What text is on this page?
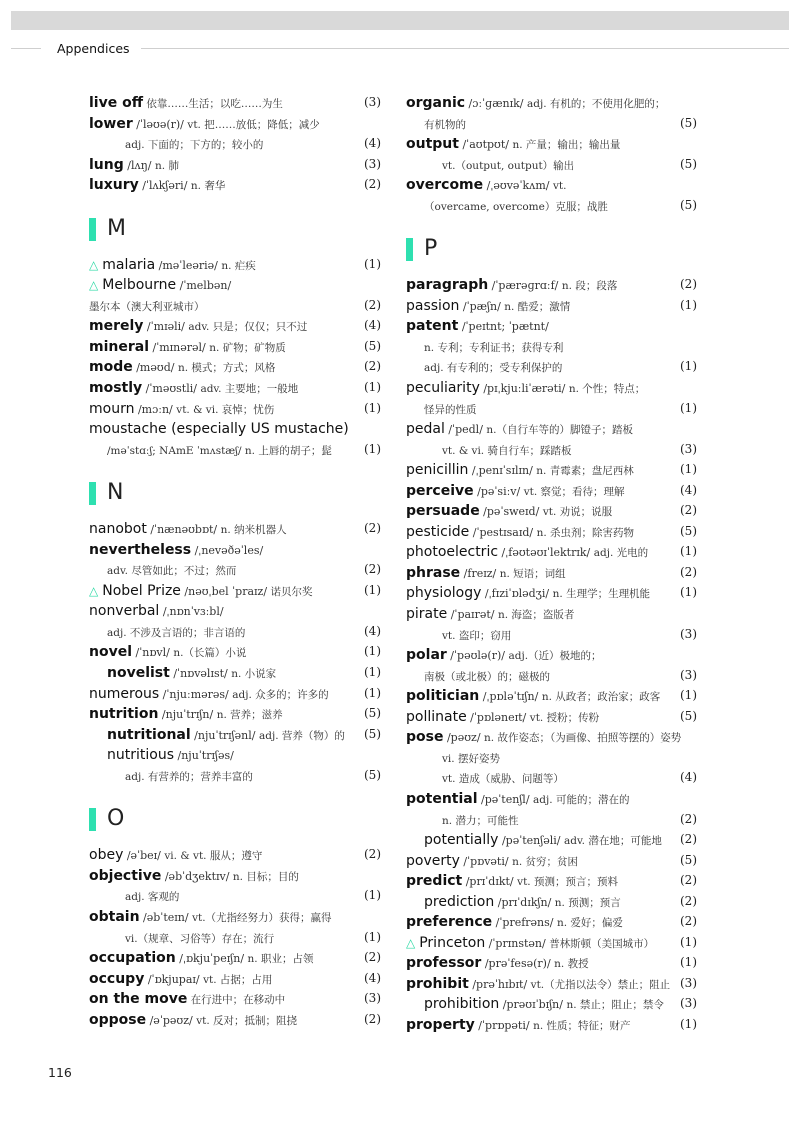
Appendices
live off 依靠……生活；以吃……为生	(3)
lower /ˈləʊə(r)/ vt. 把……放低；降低；减少
adj. 下面的；下方的；较小的	(4)
lung /lʌŋ/ n. 肺	(3)
luxury /ˈlʌkʃəri/ n. 奢华	(2)
M
△ malaria /məˈleəriə/ n. 疟疾	(1)
△ Melbourne /ˈmelbən/
墨尔本（澳大利亚城市）	(2)
merely /ˈmɪəli/ adv. 只是；仅仅；只不过	(4)
mineral /ˈmɪnərəl/ n. 矿物；矿物质	(5)
mode /məʊd/ n. 模式；方式；风格	(2)
mostly /ˈməʊstli/ adv. 主要地；一般地	(1)
mourn /mɔːn/ vt. & vi. 哀悼；忧伤	(1)
moustache (especially US mustache)
/məˈstɑːʃ; NAmE ˈmʌstæʃ/ n. 上唇的胡子；髭	(1)
N
nanobot /ˈnænəʊbɒt/ n. 纳米机器人	(2)
nevertheless /ˌnevəðəˈles/
adv. 尽管如此；不过；然而	(2)
△ Nobel Prize /nəʊˌbel ˈpraɪz/ 诺贝尔奖	(1)
nonverbal /ˌnɒnˈvɜːbl/
adj. 不涉及言语的；非言语的	(4)
novel /ˈnɒvl/ n.（长篇）小说	(1)
novelist /ˈnɒvəlɪst/ n. 小说家	(1)
numerous /ˈnjuːmərəs/ adj. 众多的；许多的	(1)
nutrition /njuˈtrɪʃn/ n. 营养；滋养	(5)
nutritional /njuˈtrɪʃənl/ adj. 营养（物）的 (5)
nutritious /njuˈtrɪʃəs/
adj. 有营养的；营养丰富的	(5)
O
obey /əˈbeɪ/ vi. & vt. 服从；遵守	(2)
objective /əbˈdʒektɪv/ n. 目标；目的
adj. 客观的	(1)
obtain /əbˈteɪn/ vt.（尤指经努力）获得；赢得
vi.（规章、习俗等）存在；流行	(1)
occupation /ˌɒkjuˈpeɪʃn/ n. 职业；占领	(2)
occupy /ˈɒkjupaɪ/ vt. 占据；占用	(4)
on the move 在行进中；在移动中	(3)
oppose /əˈpəʊz/ vt. 反对；抵制；阻挠	(2)
organic /ɔːˈɡænɪk/ adj. 有机的；不使用化肥的；
有机物的	(5)
output /ˈaʊtpʊt/ n. 产量；输出；输出量
vt.（output, output）输出	(5)
overcome /ˌəʊvəˈkʌm/ vt.
（overcame, overcome）克服；战胜	(5)
P
paragraph /ˈpærəɡrɑːf/ n. 段；段落	(2)
passion /ˈpæʃn/ n. 酷爱；激情	(1)
patent /ˈpeɪtnt; ˈpætnt/
n. 专利；专利证书；获得专利
adj. 有专利的；受专利保护的	(1)
peculiarity /pɪˌkjuːliˈærəti/ n. 个性；特点；
怪异的性质	(1)
pedal /ˈpedl/ n.（自行车等的）脚镫子；踏板
vt. & vi. 骑自行车；踩踏板	(3)
penicillin /ˌpenɪˈsɪlɪn/ n. 青霉素；盘尼西林	(1)
perceive /pəˈsiːv/ vt. 察觉；看待；理解	(4)
persuade /pəˈsweɪd/ vt. 劝说；说服	(2)
pesticide /ˈpestɪsaɪd/ n. 杀虫剂；除害药物	(5)
photoelectric /ˌfəʊtəʊɪˈlektrɪk/ adj. 光电的	(1)
phrase /freɪz/ n. 短语；词组	(2)
physiology /ˌfɪziˈɒlədʒi/ n. 生理学；生理机能 (1)
pirate /ˈpaɪrət/ n. 海盗；盗版者
vt. 盗印；窃用	(3)
polar /ˈpəʊlə(r)/ adj.（近）极地的；
南极（或北极）的；磁极的	(3)
politician /ˌpɒləˈtɪʃn/ n. 从政者；政治家；政客 (1)
pollinate /ˈpɒləneɪt/ vt. 授粉；传粉	(5)
pose /pəʊz/ n. 故作姿态；（为画像、拍照等摆的）姿势
vi. 摆好姿势
vt. 造成（威胁、问题等）	(4)
potential /pəˈtenʃl/ adj. 可能的；潜在的
n. 潜力；可能性	(2)
potentially /pəˈtenʃəli/ adv. 潜在地；可能地 (2)
poverty /ˈpɒvəti/ n. 贫穷；贫困	(5)
predict /prɪˈdɪkt/ vt. 预测；预言；预料	(2)
prediction /prɪˈdɪkʃn/ n. 预测；预言	(2)
preference /ˈprefrəns/ n. 爱好；偏爱	(2)
△ Princeton /ˈprɪnstən/ 普林斯顿（美国城市） (1)
professor /prəˈfesə(r)/ n. 教授	(1)
prohibit /prəˈhɪbɪt/ vt.（尤指以法令）禁止；阻止 (3)
prohibition /prəʊɪˈbɪʃn/ n. 禁止；阻止；禁令 (3)
property /ˈprɒpəti/ n. 性质；特征；财产	(1)
116
